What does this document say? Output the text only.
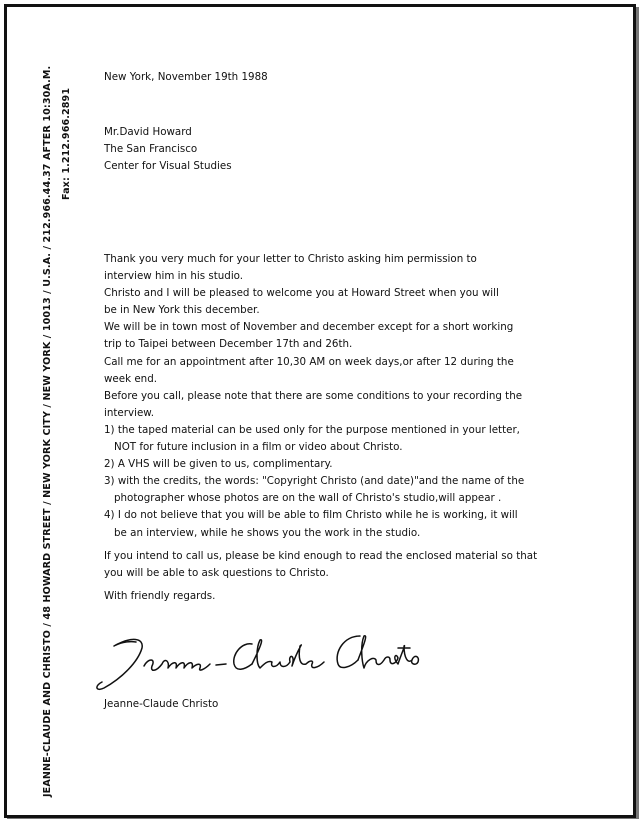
JEANNE-CLAUDE AND CHRISTO / 48 HOWARD STREET / NEW YORK CITY / NEW YORK / 10013 / U.S.A. / 212.966.44.37 AFTER 10:30A.M. Fax: 1.212.966.2891
New York, November 19th 1988
Mr.David Howard
The San Francisco
Center for Visual Studies
Thank you very much for your letter to Christo asking him permission to
interview him in his studio.
Christo and I will be pleased to welcome you at Howard Street when you will
be in New York this december.
We will be in town most of November and december except for a short working
trip to Taipei between December 17th and 26th.
Call me for an appointment after 10,30 AM on week days,or after 12 during the
week end.
Before you call, please note that there are some conditions to your recording the
interview.
1) the taped material can be used only for the purpose mentioned in your letter,
NOT for future inclusion in a film or video about Christo.
2) A VHS will be given to us, complimentary.
3) with the credits, the words: "Copyright Christo (and date)"and the name of the
photographer whose photos are on the wall of Christo's studio,will appear .
4) I do not believe that you will be able to film Christo while he is working, it will
be an interview, while he shows you the work in the studio.
If you intend to call us, please be kind enough to read the enclosed material so that
you will be able to ask questions to Christo.
With friendly regards.
Jeanne-Claude Christo
